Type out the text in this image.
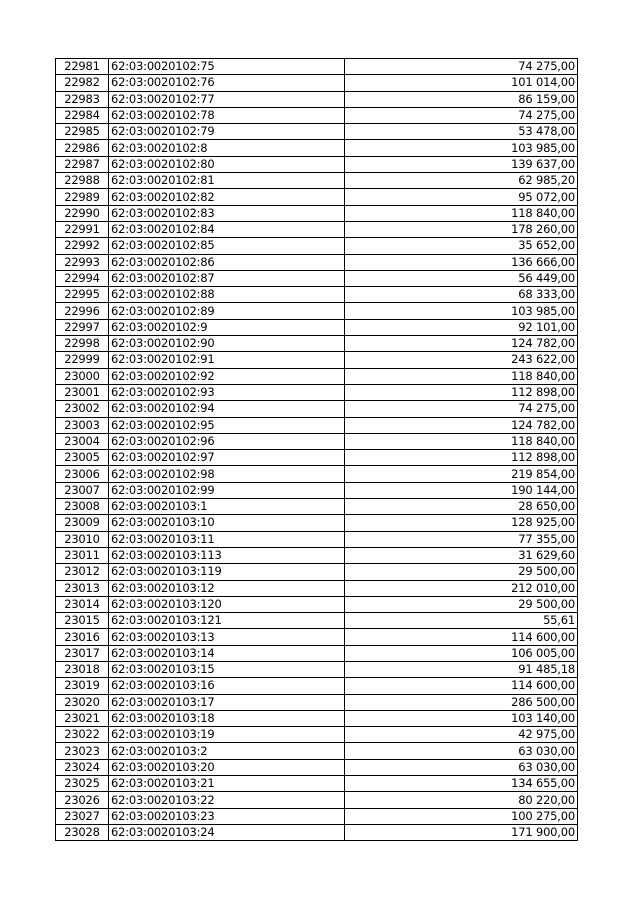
22981	62:03:0020102:75	74 275,00
22982	62:03:0020102:76	101 014,00
22983	62:03:0020102:77	86 159,00
22984	62:03:0020102:78	74 275,00
22985	62:03:0020102:79	53 478,00
22986	62:03:0020102:8	103 985,00
22987	62:03:0020102:80	139 637,00
22988	62:03:0020102:81	62 985,20
22989	62:03:0020102:82	95 072,00
22990	62:03:0020102:83	118 840,00
22991	62:03:0020102:84	178 260,00
22992	62:03:0020102:85	35 652,00
22993	62:03:0020102:86	136 666,00
22994	62:03:0020102:87	56 449,00
22995	62:03:0020102:88	68 333,00
22996	62:03:0020102:89	103 985,00
22997	62:03:0020102:9	92 101,00
22998	62:03:0020102:90	124 782,00
22999	62:03:0020102:91	243 622,00
23000	62:03:0020102:92	118 840,00
23001	62:03:0020102:93	112 898,00
23002	62:03:0020102:94	74 275,00
23003	62:03:0020102:95	124 782,00
23004	62:03:0020102:96	118 840,00
23005	62:03:0020102:97	112 898,00
23006	62:03:0020102:98	219 854,00
23007	62:03:0020102:99	190 144,00
23008	62:03:0020103:1	28 650,00
23009	62:03:0020103:10	128 925,00
23010	62:03:0020103:11	77 355,00
23011	62:03:0020103:113	31 629,60
23012	62:03:0020103:119	29 500,00
23013	62:03:0020103:12	212 010,00
23014	62:03:0020103:120	29 500,00
23015	62:03:0020103:121	55,61
23016	62:03:0020103:13	114 600,00
23017	62:03:0020103:14	106 005,00
23018	62:03:0020103:15	91 485,18
23019	62:03:0020103:16	114 600,00
23020	62:03:0020103:17	286 500,00
23021	62:03:0020103:18	103 140,00
23022	62:03:0020103:19	42 975,00
23023	62:03:0020103:2	63 030,00
23024	62:03:0020103:20	63 030,00
23025	62:03:0020103:21	134 655,00
23026	62:03:0020103:22	80 220,00
23027	62:03:0020103:23	100 275,00
23028	62:03:0020103:24	171 900,00
